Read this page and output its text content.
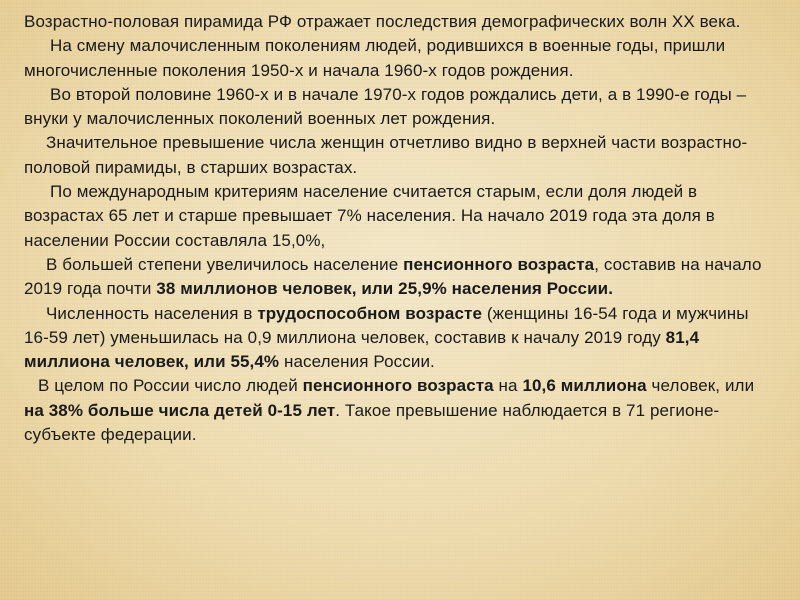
Возрастно-половая пирамида РФ отражает последствия демографических волн ХХ века.

На смену малочисленным поколениям людей, родившихся в военные годы, пришли многочисленные поколения 1950-х и начала 1960-х годов рождения.

Во второй половине 1960-х и в начале 1970-х годов рождались дети, а в 1990-е годы – внуки у малочисленных поколений военных лет рождения.

Значительное превышение числа женщин отчетливо видно в верхней части возрастно-половой пирамиды, в старших возрастах.

По международным критериям население считается старым, если доля людей в возрастах 65 лет и старше превышает 7% населения. На начало 2019 года эта доля в населении России составляла 15,0%,

В большей степени увеличилось население пенсионного возраста, составив на начало 2019 года почти 38 миллионов человек, или 25,9% населения России.

Численность населения в трудоспособном возрасте (женщины 16-54 года и мужчины 16-59 лет) уменьшилась на 0,9 миллиона человек, составив к началу 2019 году 81,4 миллиона человек, или 55,4% населения России.

В целом по России число людей пенсионного возраста на 10,6 миллиона человек, или на 38% больше числа детей 0-15 лет. Такое превышение наблюдается в 71 регионе-субъекте федерации.
